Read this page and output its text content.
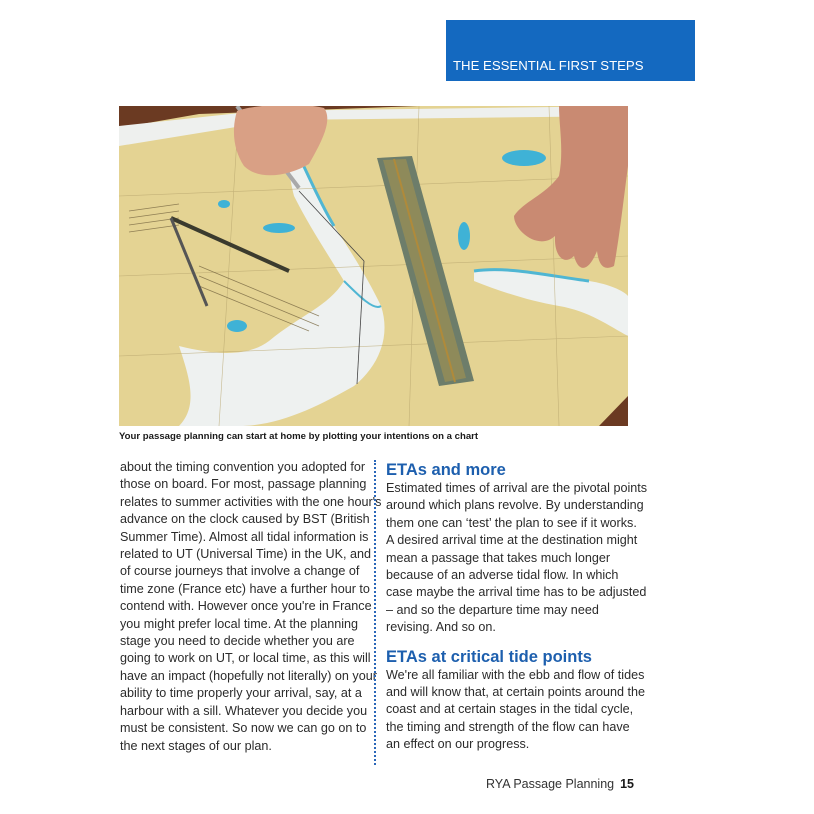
THE ESSENTIAL FIRST STEPS
Your passage planning can start at home by plotting your intentions on a chart

about the timing convention you adopted for
those on board. For most, passage planning
relates to summer activities with the one hour's
advance on the clock caused by BST (British
Summer Time). Almost all tidal information is
related to UT (Universal Time) in the UK, and
of course journeys that involve a change of
time zone (France etc) have a further hour to
contend with. However once you're in France
you might prefer local time. At the planning
stage you need to decide whether you are
going to work on UT, or local time, as this will
have an impact (hopefully not literally) on your
ability to time properly your arrival, say, at a
harbour with a sill. Whatever you decide you
must be consistent. So now we can go on to
the next stages of our plan.

ETAs and more

Estimated times of arrival are the pivotal points
around which plans revolve. By understanding
them one can ‘test’ the plan to see if it works.
A desired arrival time at the destination might
mean a passage that takes much longer
because of an adverse tidal flow. In which
case maybe the arrival time has to be adjusted
– and so the departure time may need
revising. And so on.

ETAs at critical tide points

We're all familiar with the ebb and flow of tides
and will know that, at certain points around the
coast and at certain stages in the tidal cycle,
the timing and strength of the flow can have
an effect on our progress.

RYA Passage Planning 15
